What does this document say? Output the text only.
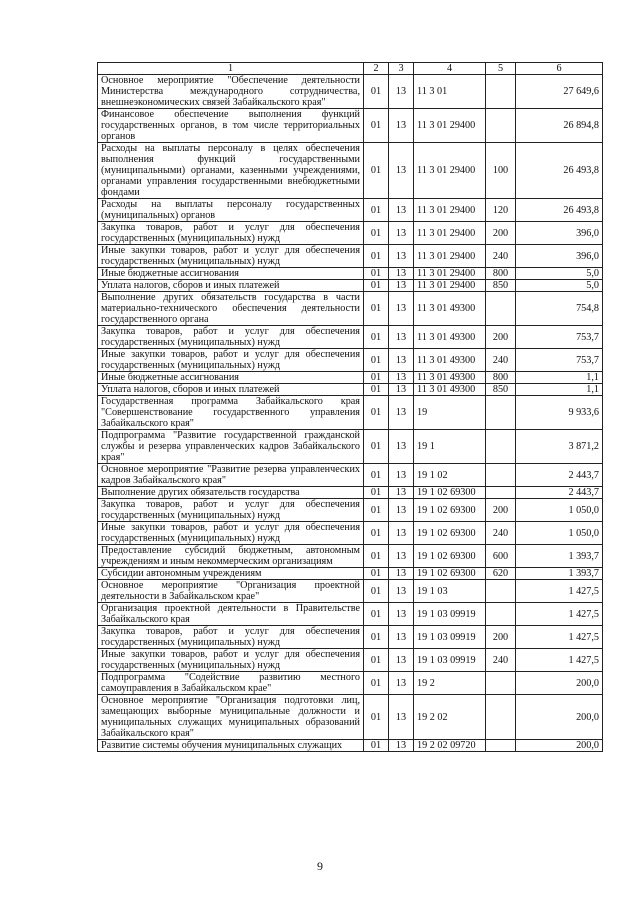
1	2	3	4	5	6
Основное мероприятие "Обеспечение деятельности Министерства международного сотрудничества, внешнеэкономических связей Забайкальского края"	01	13	11 3 01		27 649,6
Финансовое обеспечение выполнения функций государственных органов, в том числе территориальных органов	01	13	11 3 01 29400		26 894,8
Расходы на выплаты персоналу в целях обеспечения выполнения функций государственными (муниципальными) органами, казенными учреждениями, органами управления государственными внебюджетными фондами	01	13	11 3 01 29400	100	26 493,8
Расходы на выплаты персоналу государственных (муниципальных) органов	01	13	11 3 01 29400	120	26 493,8
Закупка товаров, работ и услуг для обеспечения государственных (муниципальных) нужд	01	13	11 3 01 29400	200	396,0
Иные закупки товаров, работ и услуг для обеспечения государственных (муниципальных) нужд	01	13	11 3 01 29400	240	396,0
Иные бюджетные ассигнования	01	13	11 3 01 29400	800	5,0
Уплата налогов, сборов и иных платежей	01	13	11 3 01 29400	850	5,0
Выполнение других обязательств государства в части материально-технического обеспечения деятельности государственного органа	01	13	11 3 01 49300		754,8
Закупка товаров, работ и услуг для обеспечения государственных (муниципальных) нужд	01	13	11 3 01 49300	200	753,7
Иные закупки товаров, работ и услуг для обеспечения государственных (муниципальных) нужд	01	13	11 3 01 49300	240	753,7
Иные бюджетные ассигнования	01	13	11 3 01 49300	800	1,1
Уплата налогов, сборов и иных платежей	01	13	11 3 01 49300	850	1,1
Государственная программа Забайкальского края "Совершенствование государственного управления Забайкальского края"	01	13	19		9 933,6
Подпрограмма "Развитие государственной гражданской службы и резерва управленческих кадров Забайкальского края"	01	13	19 1		3 871,2
Основное мероприятие "Развитие резерва управленческих кадров Забайкальского края"	01	13	19 1 02		2 443,7
Выполнение других обязательств государства	01	13	19 1 02 69300		2 443,7
Закупка товаров, работ и услуг для обеспечения государственных (муниципальных) нужд	01	13	19 1 02 69300	200	1 050,0
Иные закупки товаров, работ и услуг для обеспечения государственных (муниципальных) нужд	01	13	19 1 02 69300	240	1 050,0
Предоставление субсидий бюджетным, автономным учреждениям и иным некоммерческим организациям	01	13	19 1 02 69300	600	1 393,7
Субсидии автономным учреждениям	01	13	19 1 02 69300	620	1 393,7
Основное мероприятие "Организация проектной деятельности в Забайкальском крае"	01	13	19 1 03		1 427,5
Организация проектной деятельности в Правительстве Забайкальского края	01	13	19 1 03 09919		1 427,5
Закупка товаров, работ и услуг для обеспечения государственных (муниципальных) нужд	01	13	19 1 03 09919	200	1 427,5
Иные закупки товаров, работ и услуг для обеспечения государственных (муниципальных) нужд	01	13	19 1 03 09919	240	1 427,5
Подпрограмма "Содействие развитию местного самоуправления в Забайкальском крае"	01	13	19 2		200,0
Основное мероприятие "Организация подготовки лиц, замещающих выборные муниципальные должности и муниципальных служащих муниципальных образований Забайкальского края"	01	13	19 2 02		200,0
Развитие системы обучения муниципальных служащих	01	13	19 2 02 09720		200,0
9
